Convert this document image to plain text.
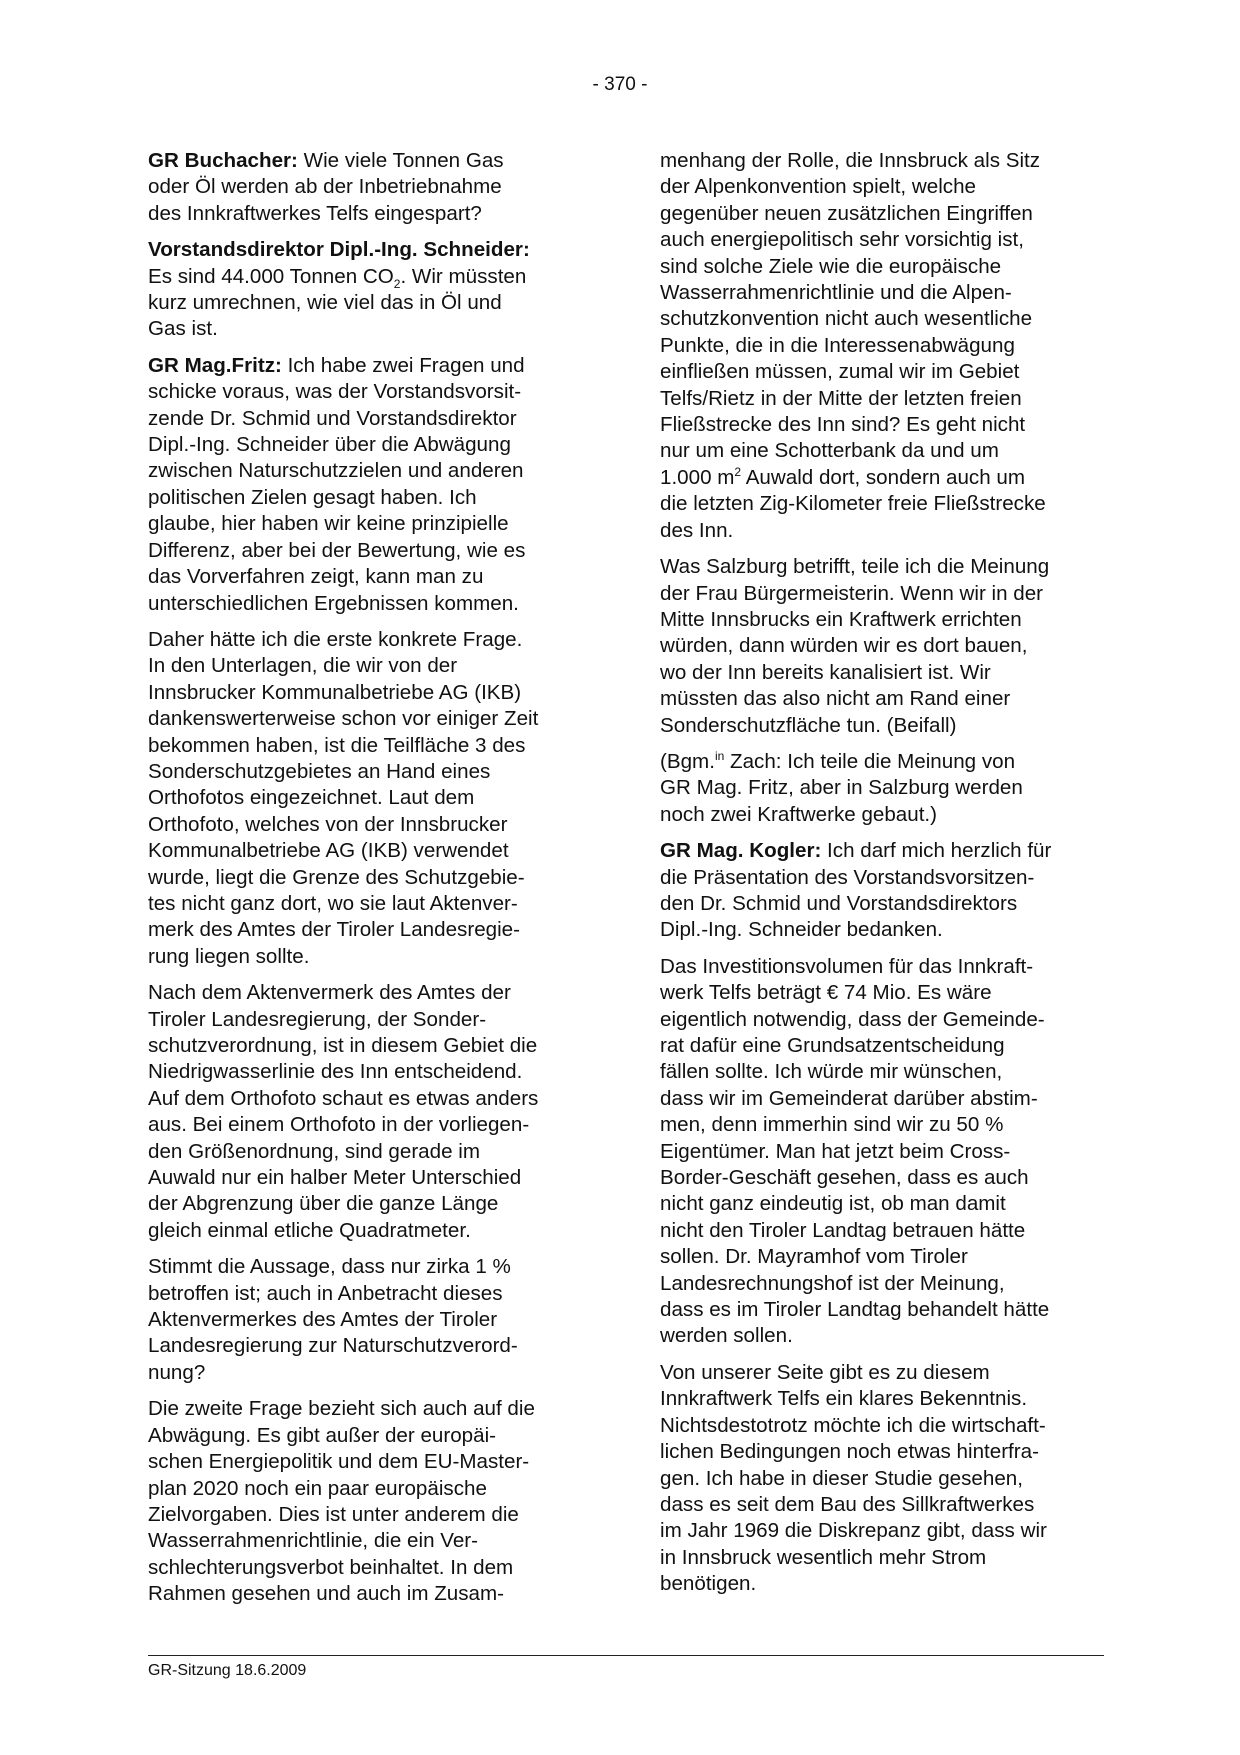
- 370 -

GR Buchacher: Wie viele Tonnen Gas
oder Öl werden ab der Inbetriebnahme
des Innkraftwerkes Telfs eingespart?

Vorstandsdirektor Dipl.-Ing. Schneider:
Es sind 44.000 Tonnen $CO_2$. Wir müssten
kurz umrechnen, wie viel das in Öl und
Gas ist.

GR Mag.Fritz: Ich habe zwei Fragen und
schicke voraus, was der Vorstandsvorsit-
zende Dr. Schmid und Vorstandsdirektor
Dipl.-Ing. Schneider über die Abwägung
zwischen Naturschutzzielen und anderen
politischen Zielen gesagt haben. Ich
glaube, hier haben wir keine prinzipielle
Differenz, aber bei der Bewertung, wie es
das Vorverfahren zeigt, kann man zu
unterschiedlichen Ergebnissen kommen.

Daher hätte ich die erste konkrete Frage.
In den Unterlagen, die wir von der
Innsbrucker Kommunalbetriebe AG (IKB)
dankenswerterweise schon vor einiger Zeit
bekommen haben, ist die Teilfläche 3 des
Sonderschutzgebietes an Hand eines
Orthofotos eingezeichnet. Laut dem
Orthofoto, welches von der Innsbrucker
Kommunalbetriebe AG (IKB) verwendet
wurde, liegt die Grenze des Schutzgebie-
tes nicht ganz dort, wo sie laut Aktenver-
merk des Amtes der Tiroler Landesregie-
rung liegen sollte.

Nach dem Aktenvermerk des Amtes der
Tiroler Landesregierung, der Sonder-
schutzverordnung, ist in diesem Gebiet die
Niedrigwasserlinie des Inn entscheidend.
Auf dem Orthofoto schaut es etwas anders
aus. Bei einem Orthofoto in der vorliegen-
den Größenordnung, sind gerade im
Auwald nur ein halber Meter Unterschied
der Abgrenzung über die ganze Länge
gleich einmal etliche Quadratmeter.

Stimmt die Aussage, dass nur zirka 1 %
betroffen ist; auch in Anbetracht dieses
Aktenvermerkes des Amtes der Tiroler
Landesregierung zur Naturschutzverord-
nung?

Die zweite Frage bezieht sich auch auf die
Abwägung. Es gibt außer der europäi-
schen Energiepolitik und dem EU-Master-
plan 2020 noch ein paar europäische
Zielvorgaben. Dies ist unter anderem die
Wasserrahmenrichtlinie, die ein Ver-
schlechterungsverbot beinhaltet. In dem
Rahmen gesehen und auch im Zusam-

menhang der Rolle, die Innsbruck als Sitz
der Alpenkonvention spielt, welche
gegenüber neuen zusätzlichen Eingriffen
auch energiepolitisch sehr vorsichtig ist,
sind solche Ziele wie die europäische
Wasserrahmenrichtlinie und die Alpen-
schutzkonvention nicht auch wesentliche
Punkte, die in die Interessenabwägung
einfließen müssen, zumal wir im Gebiet
Telfs/Rietz in der Mitte der letzten freien
Fließstrecke des Inn sind? Es geht nicht
nur um eine Schotterbank da und um
1.000 $m^2$ Auwald dort, sondern auch um
die letzten Zig-Kilometer freie Fließstrecke
des Inn.

Was Salzburg betrifft, teile ich die Meinung
der Frau Bürgermeisterin. Wenn wir in der
Mitte Innsbrucks ein Kraftwerk errichten
würden, dann würden wir es dort bauen,
wo der Inn bereits kanalisiert ist. Wir
müssten das also nicht am Rand einer
Sonderschutzfläche tun. (Beifall)

(Bgm.$^{in}$ Zach: Ich teile die Meinung von
GR Mag. Fritz, aber in Salzburg werden
noch zwei Kraftwerke gebaut.)

GR Mag. Kogler: Ich darf mich herzlich für
die Präsentation des Vorstandsvorsitzen-
den Dr. Schmid und Vorstandsdirektors
Dipl.-Ing. Schneider bedanken.

Das Investitionsvolumen für das Innkraft-
werk Telfs beträgt € 74 Mio. Es wäre
eigentlich notwendig, dass der Gemeinde-
rat dafür eine Grundsatzentscheidung
fällen sollte. Ich würde mir wünschen,
dass wir im Gemeinderat darüber abstim-
men, denn immerhin sind wir zu 50 %
Eigentümer. Man hat jetzt beim Cross-
Border-Geschäft gesehen, dass es auch
nicht ganz eindeutig ist, ob man damit
nicht den Tiroler Landtag betrauen hätte
sollen. Dr. Mayramhof vom Tiroler
Landesrechnungshof ist der Meinung,
dass es im Tiroler Landtag behandelt hätte
werden sollen.

Von unserer Seite gibt es zu diesem
Innkraftwerk Telfs ein klares Bekenntnis.
Nichtsdestotrotz möchte ich die wirtschaft-
lichen Bedingungen noch etwas hinterfra-
gen. Ich habe in dieser Studie gesehen,
dass es seit dem Bau des Sillkraftwerkes
im Jahr 1969 die Diskrepanz gibt, dass wir
in Innsbruck wesentlich mehr Strom
benötigen.

GR-Sitzung 18.6.2009
